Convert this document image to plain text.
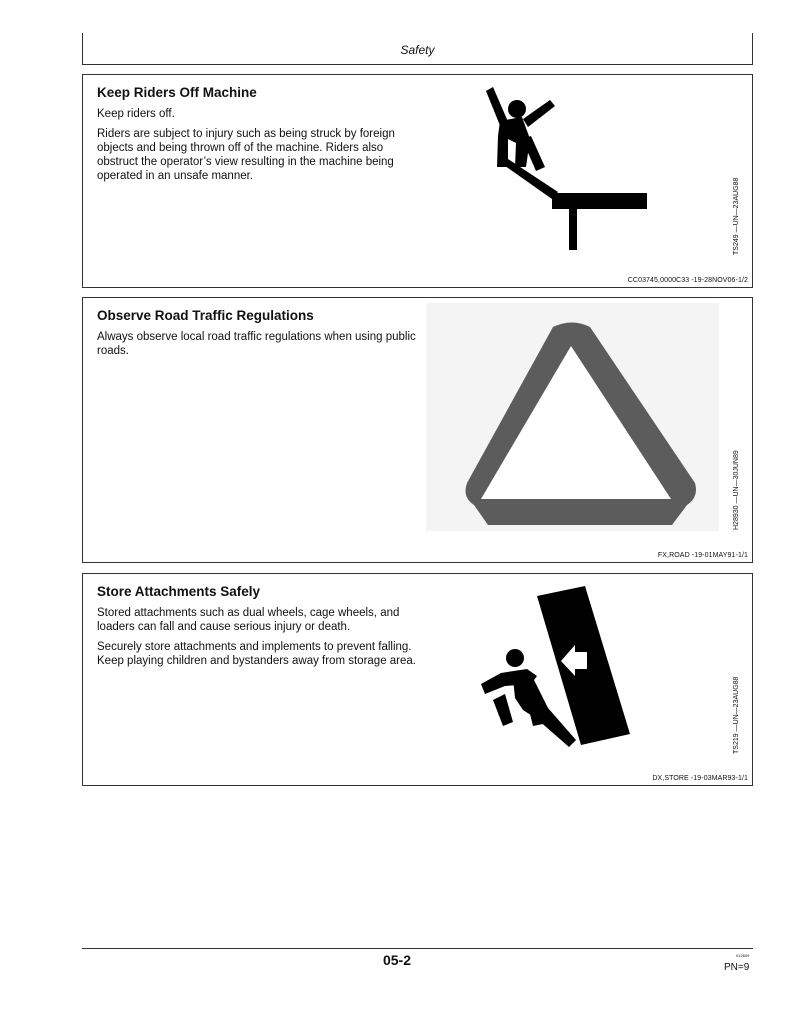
Safety
Keep Riders Off Machine

Keep riders off.

Riders are subject to injury such as being struck by foreign objects and being thrown off of the machine. Riders also obstruct the operator’s view resulting in the machine being operated in an unsafe manner.

TS249 —UN—23AUG88
CC03745,0000C33 -19-28NOV06-1/2
Observe Road Traffic Regulations

Always observe local road traffic regulations when using public roads.

H28930 —UN—30JUN89
FX,ROAD -19-01MAY91-1/1
Store Attachments Safely

Stored attachments such as dual wheels, cage wheels, and loaders can fall and cause serious injury or death.

Securely store attachments and implements to prevent falling. Keep playing children and bystanders away from storage area.

TS219 —UN—23AUG88
DX,STORE -19-03MAR93-1/1
05-2	012609
PN=9
